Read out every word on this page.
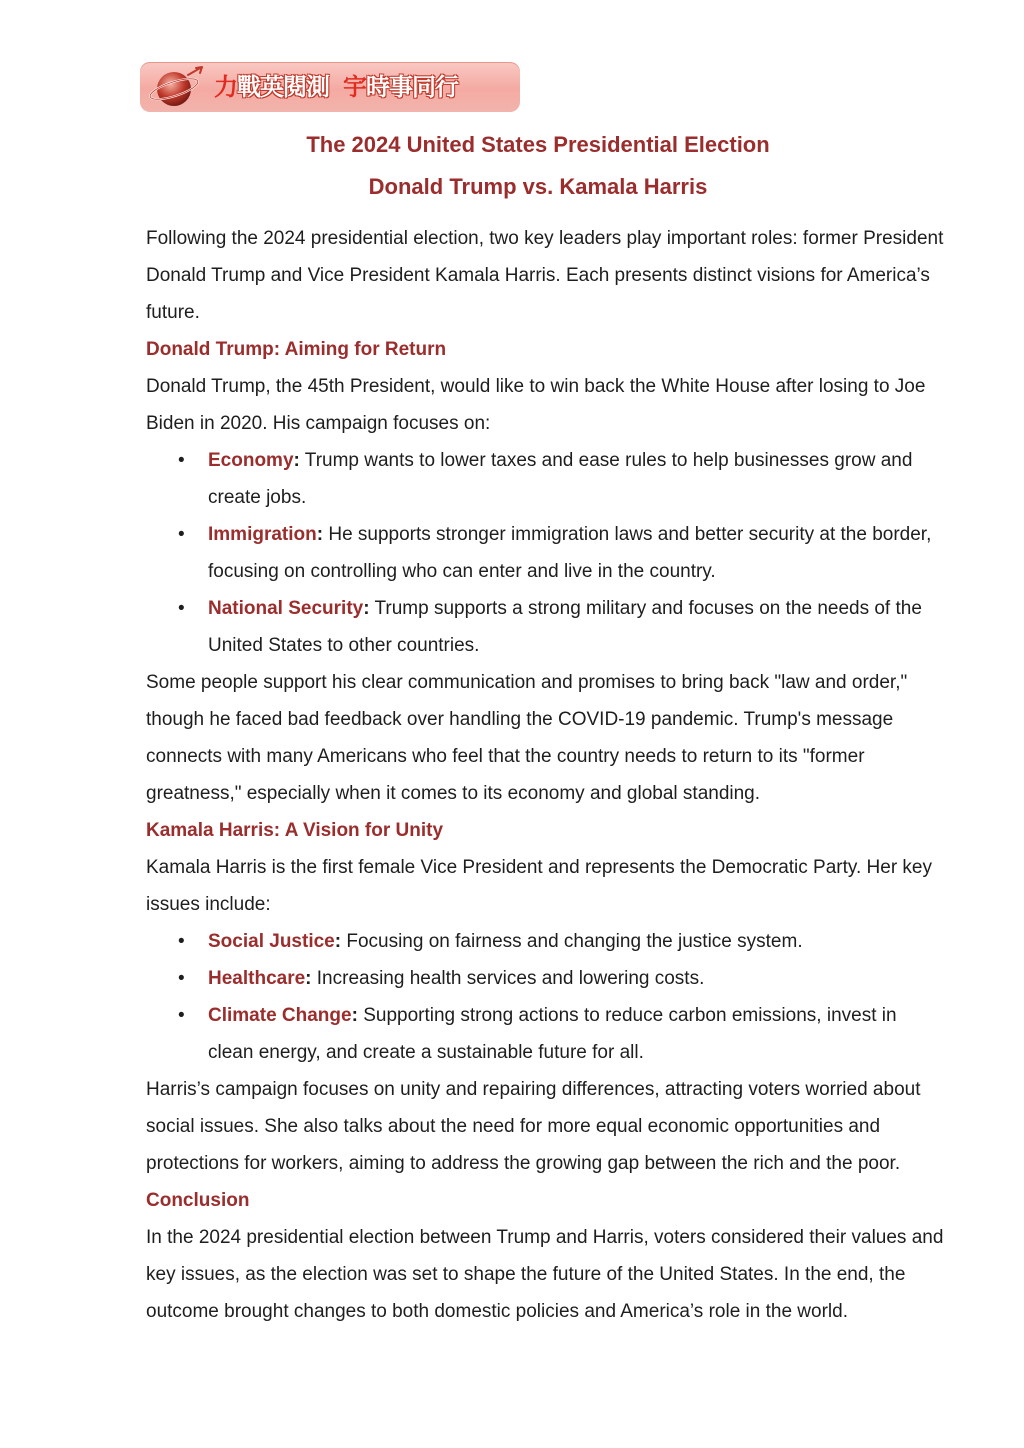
力戰英閱測 宇時事同行
The 2024 United States Presidential Election
Donald Trump vs. Kamala Harris

Following the 2024 presidential election, two key leaders play important roles: former President Donald Trump and Vice President Kamala Harris. Each presents distinct visions for America’s future.

Donald Trump: Aiming for Return

Donald Trump, the 45th President, would like to win back the White House after losing to Joe Biden in 2020. His campaign focuses on:

• Economy: Trump wants to lower taxes and ease rules to help businesses grow and create jobs.
• Immigration: He supports stronger immigration laws and better security at the border, focusing on controlling who can enter and live in the country.
• National Security: Trump supports a strong military and focuses on the needs of the United States to other countries.

Some people support his clear communication and promises to bring back "law and order," though he faced bad feedback over handling the COVID-19 pandemic. Trump's message connects with many Americans who feel that the country needs to return to its "former greatness," especially when it comes to its economy and global standing.

Kamala Harris: A Vision for Unity

Kamala Harris is the first female Vice President and represents the Democratic Party. Her key issues include:

• Social Justice: Focusing on fairness and changing the justice system.
• Healthcare: Increasing health services and lowering costs.
• Climate Change: Supporting strong actions to reduce carbon emissions, invest in clean energy, and create a sustainable future for all.

Harris’s campaign focuses on unity and repairing differences, attracting voters worried about social issues. She also talks about the need for more equal economic opportunities and protections for workers, aiming to address the growing gap between the rich and the poor.

Conclusion

In the 2024 presidential election between Trump and Harris, voters considered their values and key issues, as the election was set to shape the future of the United States. In the end, the outcome brought changes to both domestic policies and America’s role in the world.
